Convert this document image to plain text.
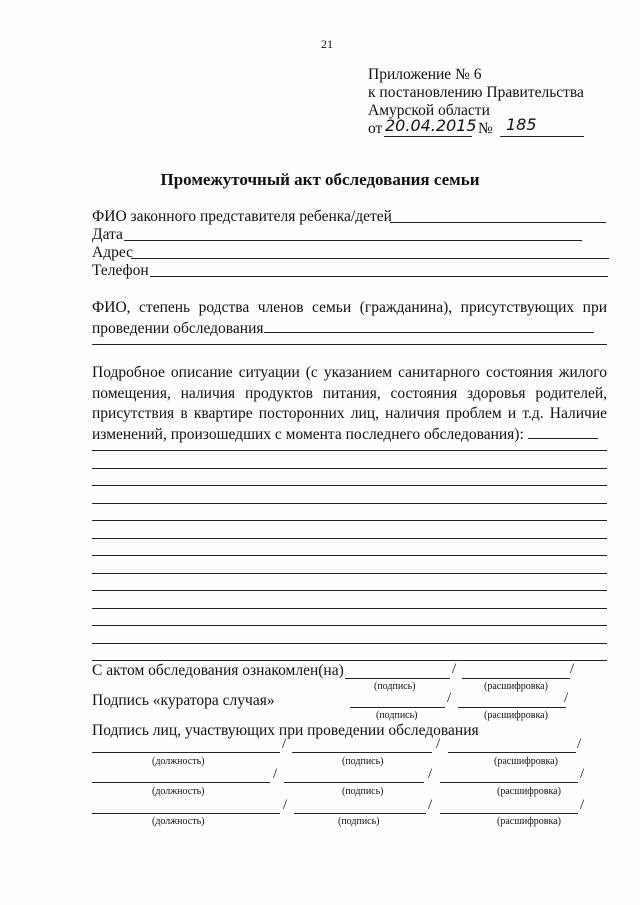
21
Приложение № 6
к постановлению Правительства
Амурской области
от 20.04.2015 № 185
Промежуточный акт обследования семьи
ФИО законного представителя ребенка/детей
Дата
Адрес
Телефон
ФИО, степень родства членов семьи (гражданина), присутствующих при проведении обследования
Подробное описание ситуации (с указанием санитарного состояния жилого помещения, наличия продуктов питания, состояния здоровья родителей, присутствия в квартире посторонних лиц, наличия проблем и т.д. Наличие изменений, произошедших с момента последнего обследования):
С актом обследования ознакомлен(на)	/	/
(подпись)	(расшифровка)
Подпись «куратора случая»	/	/
(подпись)	(расшифровка)
Подпись лиц, участвующих при проведении обследования
/	/	/
(должность)	(подпись)	(расшифровка)
/	/	/
(должность)	(подпись)	(расшифровка)
/	/	/
(должность)	(подпись)	(расшифровка)
